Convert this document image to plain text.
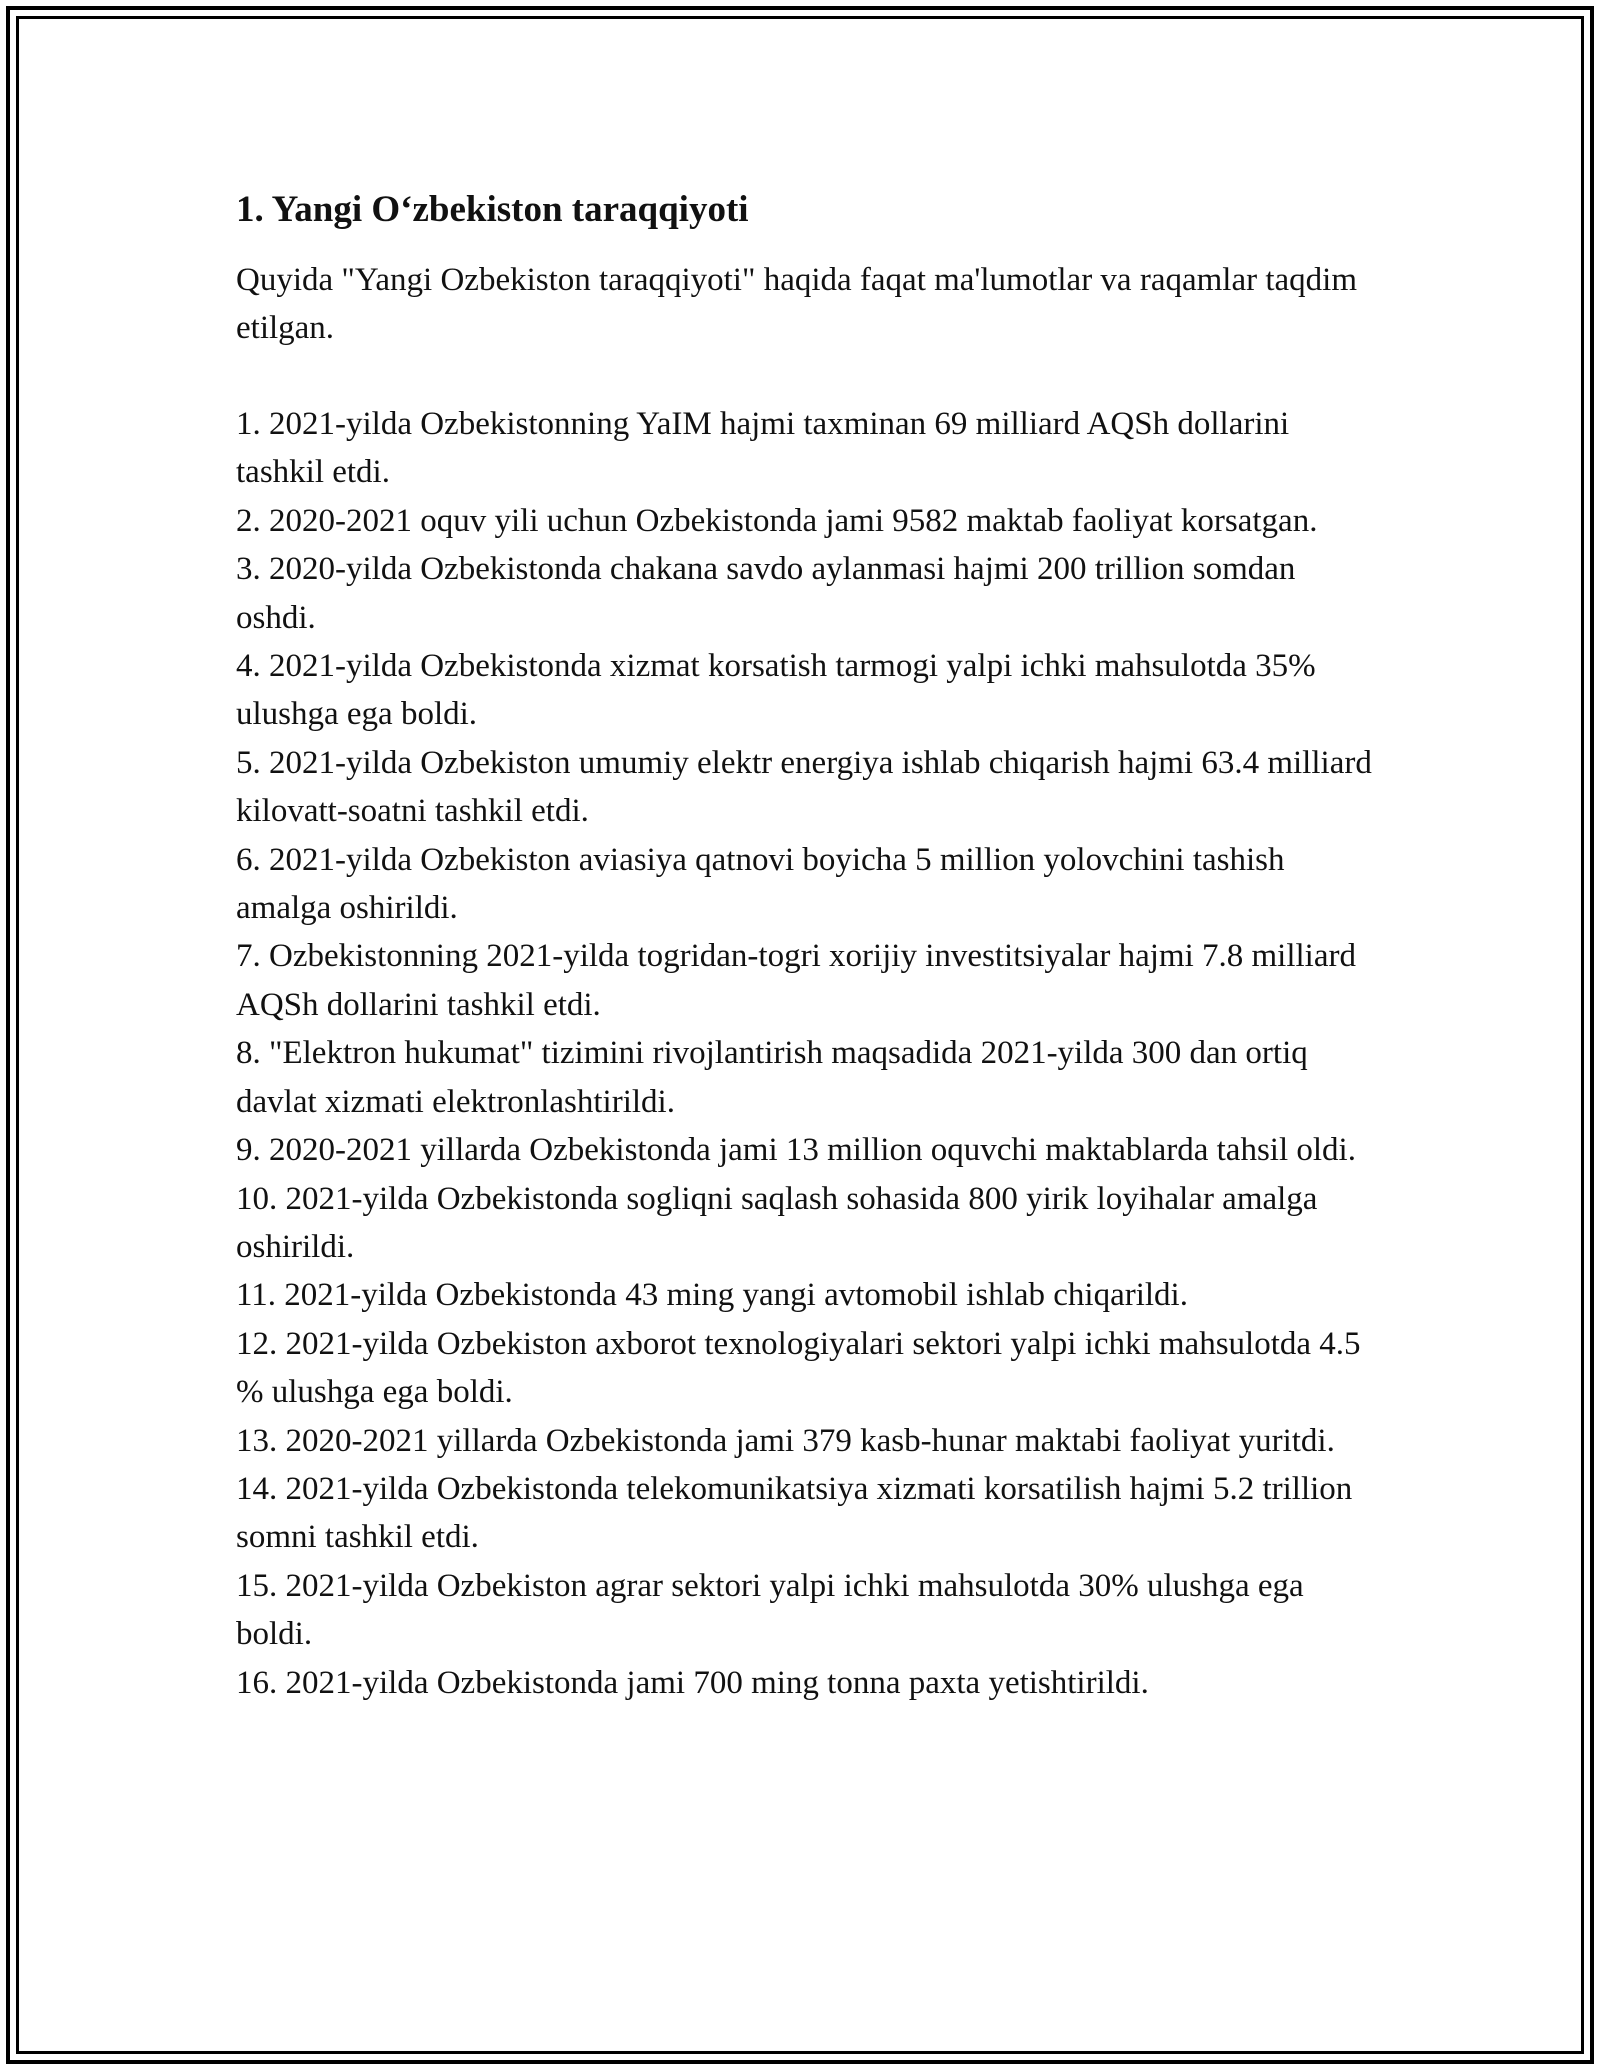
1. Yangi O‘zbekiston taraqqiyoti

Quyida "Yangi Ozbekiston taraqqiyoti" haqida faqat ma'lumotlar va raqamlar taqdim etilgan.

1. 2021-yilda Ozbekistonning YaIM hajmi taxminan 69 milliard AQSh dollarini tashkil etdi.
2. 2020-2021 oquv yili uchun Ozbekistonda jami 9582 maktab faoliyat korsatgan.
3. 2020-yilda Ozbekistonda chakana savdo aylanmasi hajmi 200 trillion somdan oshdi.
4. 2021-yilda Ozbekistonda xizmat korsatish tarmogi yalpi ichki mahsulotda 35% ulushga ega boldi.
5. 2021-yilda Ozbekiston umumiy elektr energiya ishlab chiqarish hajmi 63.4 milliard kilovatt-soatni tashkil etdi.
6. 2021-yilda Ozbekiston aviasiya qatnovi boyicha 5 million yolovchini tashish amalga oshirildi.
7. Ozbekistonning 2021-yilda togridan-togri xorijiy investitsiyalar hajmi 7.8 milliard AQSh dollarini tashkil etdi.
8. "Elektron hukumat" tizimini rivojlantirish maqsadida 2021-yilda 300 dan ortiq davlat xizmati elektronlashtirildi.
9. 2020-2021 yillarda Ozbekistonda jami 13 million oquvchi maktablarda tahsil oldi.
10. 2021-yilda Ozbekistonda sogliqni saqlash sohasida 800 yirik loyihalar amalga oshirildi.
11. 2021-yilda Ozbekistonda 43 ming yangi avtomobil ishlab chiqarildi.
12. 2021-yilda Ozbekiston axborot texnologiyalari sektori yalpi ichki mahsulotda 4.5 % ulushga ega boldi.
13. 2020-2021 yillarda Ozbekistonda jami 379 kasb-hunar maktabi faoliyat yuritdi.
14. 2021-yilda Ozbekistonda telekomunikatsiya xizmati korsatilish hajmi 5.2 trillion somni tashkil etdi.
15. 2021-yilda Ozbekiston agrar sektori yalpi ichki mahsulotda 30% ulushga ega boldi.
16. 2021-yilda Ozbekistonda jami 700 ming tonna paxta yetishtirildi.
